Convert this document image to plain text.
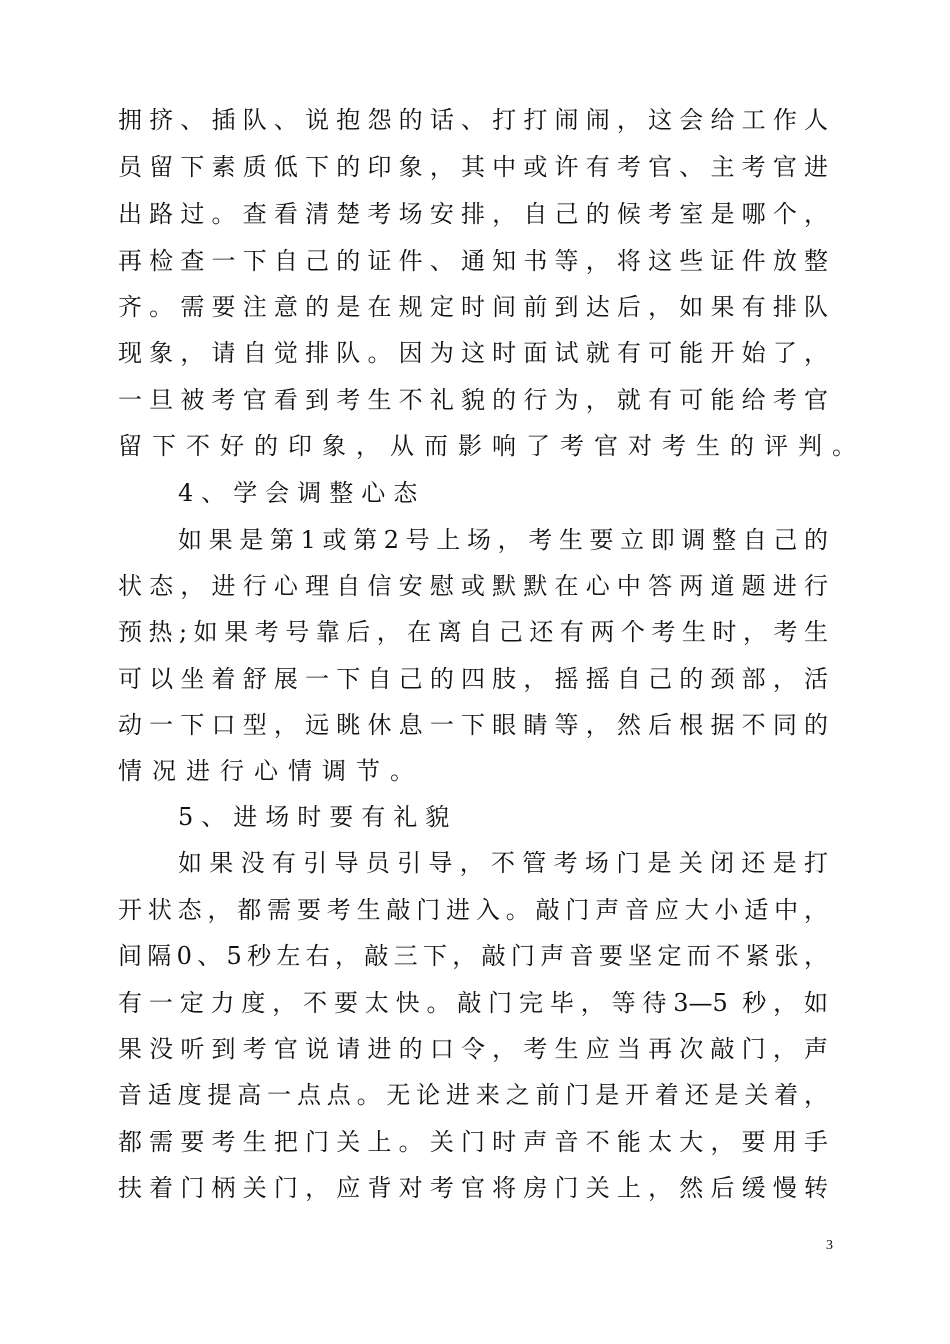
拥挤、插队、说抱怨的话、打打闹闹，这会给工作人
员留下素质低下的印象，其中或许有考官、主考官进
出路过。查看清楚考场安排，自己的候考室是哪个，
再检查一下自己的证件、通知书等，将这些证件放整
齐。需要注意的是在规定时间前到达后，如果有排队
现象，请自觉排队。因为这时面试就有可能开始了，
一旦被考官看到考生不礼貌的行为，就有可能给考官
留下不好的印象，从而影响了考官对考生的评判。
4、学会调整心态
如果是第1或第2号上场，考生要立即调整自己的
状态，进行心理自信安慰或默默在心中答两道题进行
预热;如果考号靠后，在离自己还有两个考生时，考生
可以坐着舒展一下自己的四肢，摇摇自己的颈部，活
动一下口型，远眺休息一下眼睛等，然后根据不同的
情况进行心情调节。
5、进场时要有礼貌
如果没有引导员引导，不管考场门是关闭还是打
开状态，都需要考生敲门进入。敲门声音应大小适中，
间隔0、5秒左右，敲三下，敲门声音要坚定而不紧张，
有一定力度，不要太快。敲门完毕，等待3—5 秒，如
果没听到考官说请进的口令，考生应当再次敲门，声
音适度提高一点点。无论进来之前门是开着还是关着，
都需要考生把门关上。关门时声音不能太大，要用手
扶着门柄关门，应背对考官将房门关上，然后缓慢转
3
